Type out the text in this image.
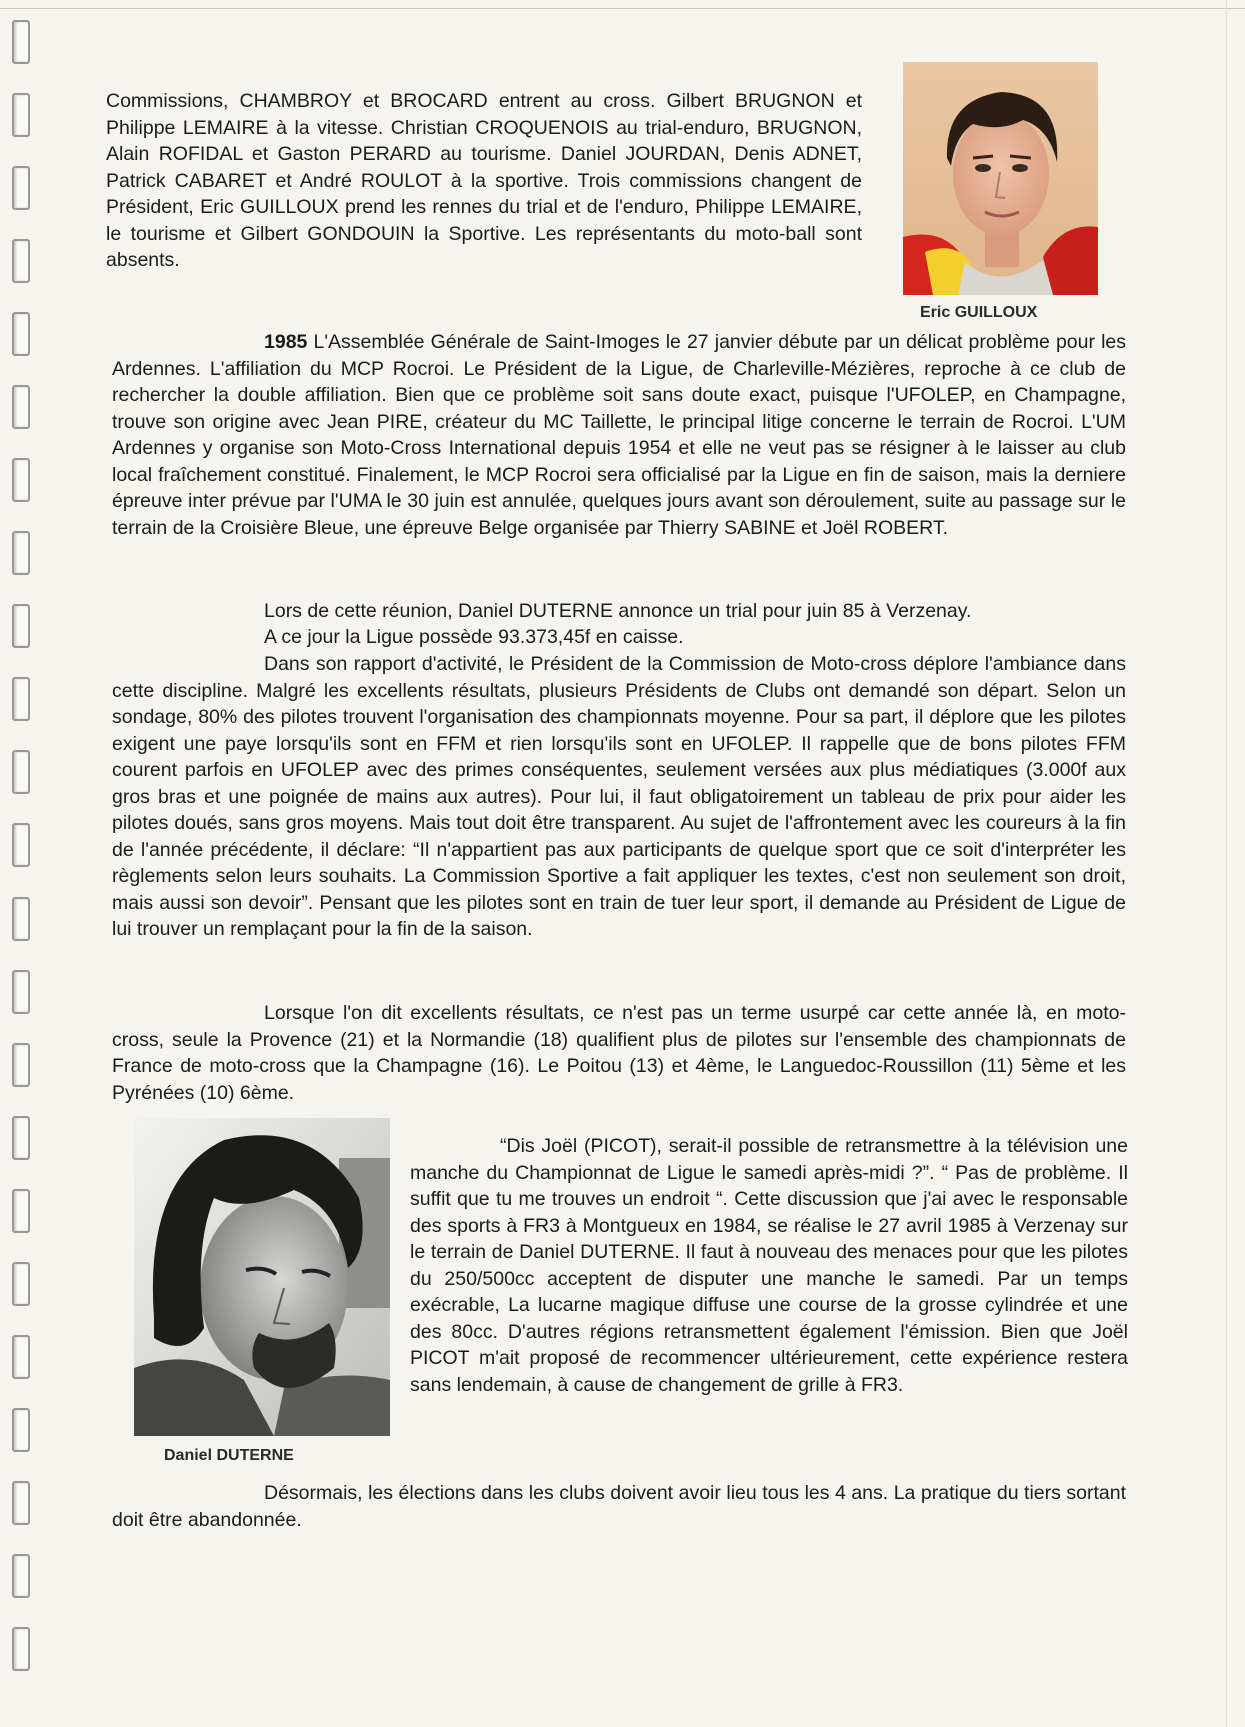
Commissions, CHAMBROY et BROCARD entrent au cross. Gilbert BRUGNON et Philippe LEMAIRE à la vitesse. Christian CROQUENOIS au trial-enduro, BRUGNON, Alain ROFIDAL et Gaston PERARD au tourisme. Daniel JOURDAN, Denis ADNET, Patrick CABARET et André ROULOT à la sportive. Trois commissions changent de Président, Eric GUILLOUX prend les rennes du trial et de l'enduro, Philippe LEMAIRE, le tourisme et Gilbert GONDOUIN la Sportive. Les représentants du moto-ball sont absents.

Eric GUILLOUX

1985 L'Assemblée Générale de Saint-Imoges le 27 janvier débute par un délicat problème pour les Ardennes. L'affiliation du MCP Rocroi. Le Président de la Ligue, de Charleville-Mézières, reproche à ce club de rechercher la double affiliation. Bien que ce problème soit sans doute exact, puisque l'UFOLEP, en Champagne, trouve son origine avec Jean PIRE, créateur du MC Taillette, le principal litige concerne le terrain de Rocroi. L'UM Ardennes y organise son Moto-Cross International depuis 1954 et elle ne veut pas se résigner à le laisser au club local fraîchement constitué. Finalement, le MCP Rocroi sera officialisé par la Ligue en fin de saison, mais la derniere épreuve inter prévue par l'UMA le 30 juin est annulée, quelques jours avant son déroulement, suite au passage sur le terrain de la Croisière Bleue, une épreuve Belge organisée par Thierry SABINE et Joël ROBERT.

Lors de cette réunion, Daniel DUTERNE annonce un trial pour juin 85 à Verzenay.

A ce jour la Ligue possède 93.373,45f en caisse.

Dans son rapport d'activité, le Président de la Commission de Moto-cross déplore l'ambiance dans cette discipline. Malgré les excellents résultats, plusieurs Présidents de Clubs ont demandé son départ. Selon un sondage, 80% des pilotes trouvent l'organisation des championnats moyenne. Pour sa part, il déplore que les pilotes exigent une paye lorsqu'ils sont en FFM et rien lorsqu'ils sont en UFOLEP. Il rappelle que de bons pilotes FFM courent parfois en UFOLEP avec des primes conséquentes, seulement versées aux plus médiatiques (3.000f aux gros bras et une poignée de mains aux autres). Pour lui, il faut obligatoirement un tableau de prix pour aider les pilotes doués, sans gros moyens. Mais tout doit être transparent. Au sujet de l'affrontement avec les coureurs à la fin de l'année précédente, il déclare: “Il n'appartient pas aux participants de quelque sport que ce soit d'interpréter les règlements selon leurs souhaits. La Commission Sportive a fait appliquer les textes, c'est non seulement son droit, mais aussi son devoir”. Pensant que les pilotes sont en train de tuer leur sport, il demande au Président de Ligue de lui trouver un remplaçant pour la fin de la saison.

Lorsque l'on dit excellents résultats, ce n'est pas un terme usurpé car cette année là, en moto-cross, seule la Provence (21) et la Normandie (18) qualifient plus de pilotes sur l'ensemble des championnats de France de moto-cross que la Champagne (16). Le Poitou (13) et 4ème, le Languedoc-Roussillon (11) 5ème et les Pyrénées (10) 6ème.

Daniel DUTERNE

“Dis Joël (PICOT), serait-il possible de retransmettre à la télévision une manche du Championnat de Ligue le samedi après-midi ?”. “ Pas de problème. Il suffit que tu me trouves un endroit “. Cette discussion que j'ai avec le responsable des sports à FR3 à Montgueux en 1984, se réalise le 27 avril 1985 à Verzenay sur le terrain de Daniel DUTERNE. Il faut à nouveau des menaces pour que les pilotes du 250/500cc acceptent de disputer une manche le samedi. Par un temps exécrable, La lucarne magique diffuse une course de la grosse cylindrée et une des 80cc. D'autres régions retransmettent également l'émission. Bien que Joël PICOT m'ait proposé de recommencer ultérieurement, cette expérience restera sans lendemain, à cause de changement de grille à FR3.

Désormais, les élections dans les clubs doivent avoir lieu tous les 4 ans. La pratique du tiers sortant doit être abandonnée.
